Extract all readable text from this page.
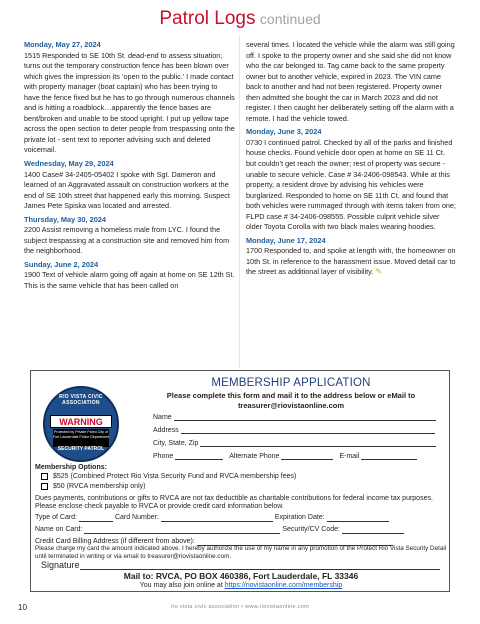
Patrol Logs continued
Monday, May 27, 2024
1515 Responded to SE 10th St. dead-end to assess situation; turns out the temporary construction fence has been blown over which gives the impression its ‘open to the public.’ I made contact with property manager (boat captain) who has been trying to have the fence fixed but he has to go through numerous channels and is hitting a roadblock…apparently the fence bases are bent/broken and unable to be stood upright. I put up yellow tape across the open section to deter people from trespassing onto the private lot - sent text to reporter advising such and deleted voicemail.
Wednesday, May 29, 2024
1400 Case# 34-2405-05402 I spoke with Sgt. Dameron and learned of an Aggravated assault on construction workers at the end of SE 10th street that happened early this morning. Suspect James Pete Spiska was located and arrested.
Thursday, May 30, 2024
2200 Assist removing a homeless male from LYC. I found the subject trespassing at a construction site and removed him from the neighborhood.
Sunday, June 2, 2024
1900 Text of vehicle alarm going off again at home on SE 12th St. This is the same vehicle that has been called on
several times. I located the vehicle while the alarm was still going off. I spoke to the property owner and she said she did not know who the car belonged to. Tag came back to the same property owner but to another vehicle, expired in 2023. The VIN came back to another and had not been registered. Property owner then admitted she bought the car in March 2023 and did not register. I then caught her deliberately setting off the alarm with a remote. I had the vehicle towed.
Monday, June 3, 2024
0730 I continued patrol. Checked by all of the parks and finished house checks. Found vehicle door open at home on SE 11 Ct. but couldn’t get reach the owner; rest of property was secure - unable to secure vehicle. Case # 34-2406-098543. While at this property, a resident drove by advising his vehicles were burglarized. Responded to home on SE 11th Ct. and found that both vehicles were rummaged through with items taken from one; FLPD case # 34-2406-098555. Possible culprit vehicle silver older Toyota Corolla with two black males wearing hoodies.
Monday, June 17, 2024
1700 Responded to, and spoke at length with, the homeowner on 10th St. in reference to the harassment issue. Moved detail car to the street as additional layer of visibility. ✎
RIO VISTA CIVIC ASSOCIATION
WARNING
Protected by Private Patrol City of Fort Lauderdale Police Department
SECURITY PATROL
MEMBERSHIP APPLICATION
Please complete this form and mail it to the address below or eMail to
treasurer@riovistaonline.com
Name
Address
City, State, Zip
Phone	Alternate Phone	E-mail
Membership Options:
$525 (Combined Protect Rio Vista Security Fund and RVCA membership fees)
$50 (RVCA membership only)
Dues payments, contributions or gifts to RVCA are not tax deductible as charitable contributions for federal income tax purposes.
Please enclose check payable to RVCA or provide credit card information below.
Type of Card:	Card Number:	Expiration Date:
Name on Card:	Security/CV Code:
Credit Card Billing Address (if different from above):
Signature
Mail to: RVCA, PO BOX 460386, Fort Lauderdale, FL 33346
You may also join online at https://riovistaonline.com/membership
Please charge my card the amount indicated above. I hereby authorize the use of my name in any promotion of the Protect Rio Vista Security Detail until terminated in writing or via email to treasurer@riovistaonline.com.
10	rio vista civic association • www.riovistaonline.com
